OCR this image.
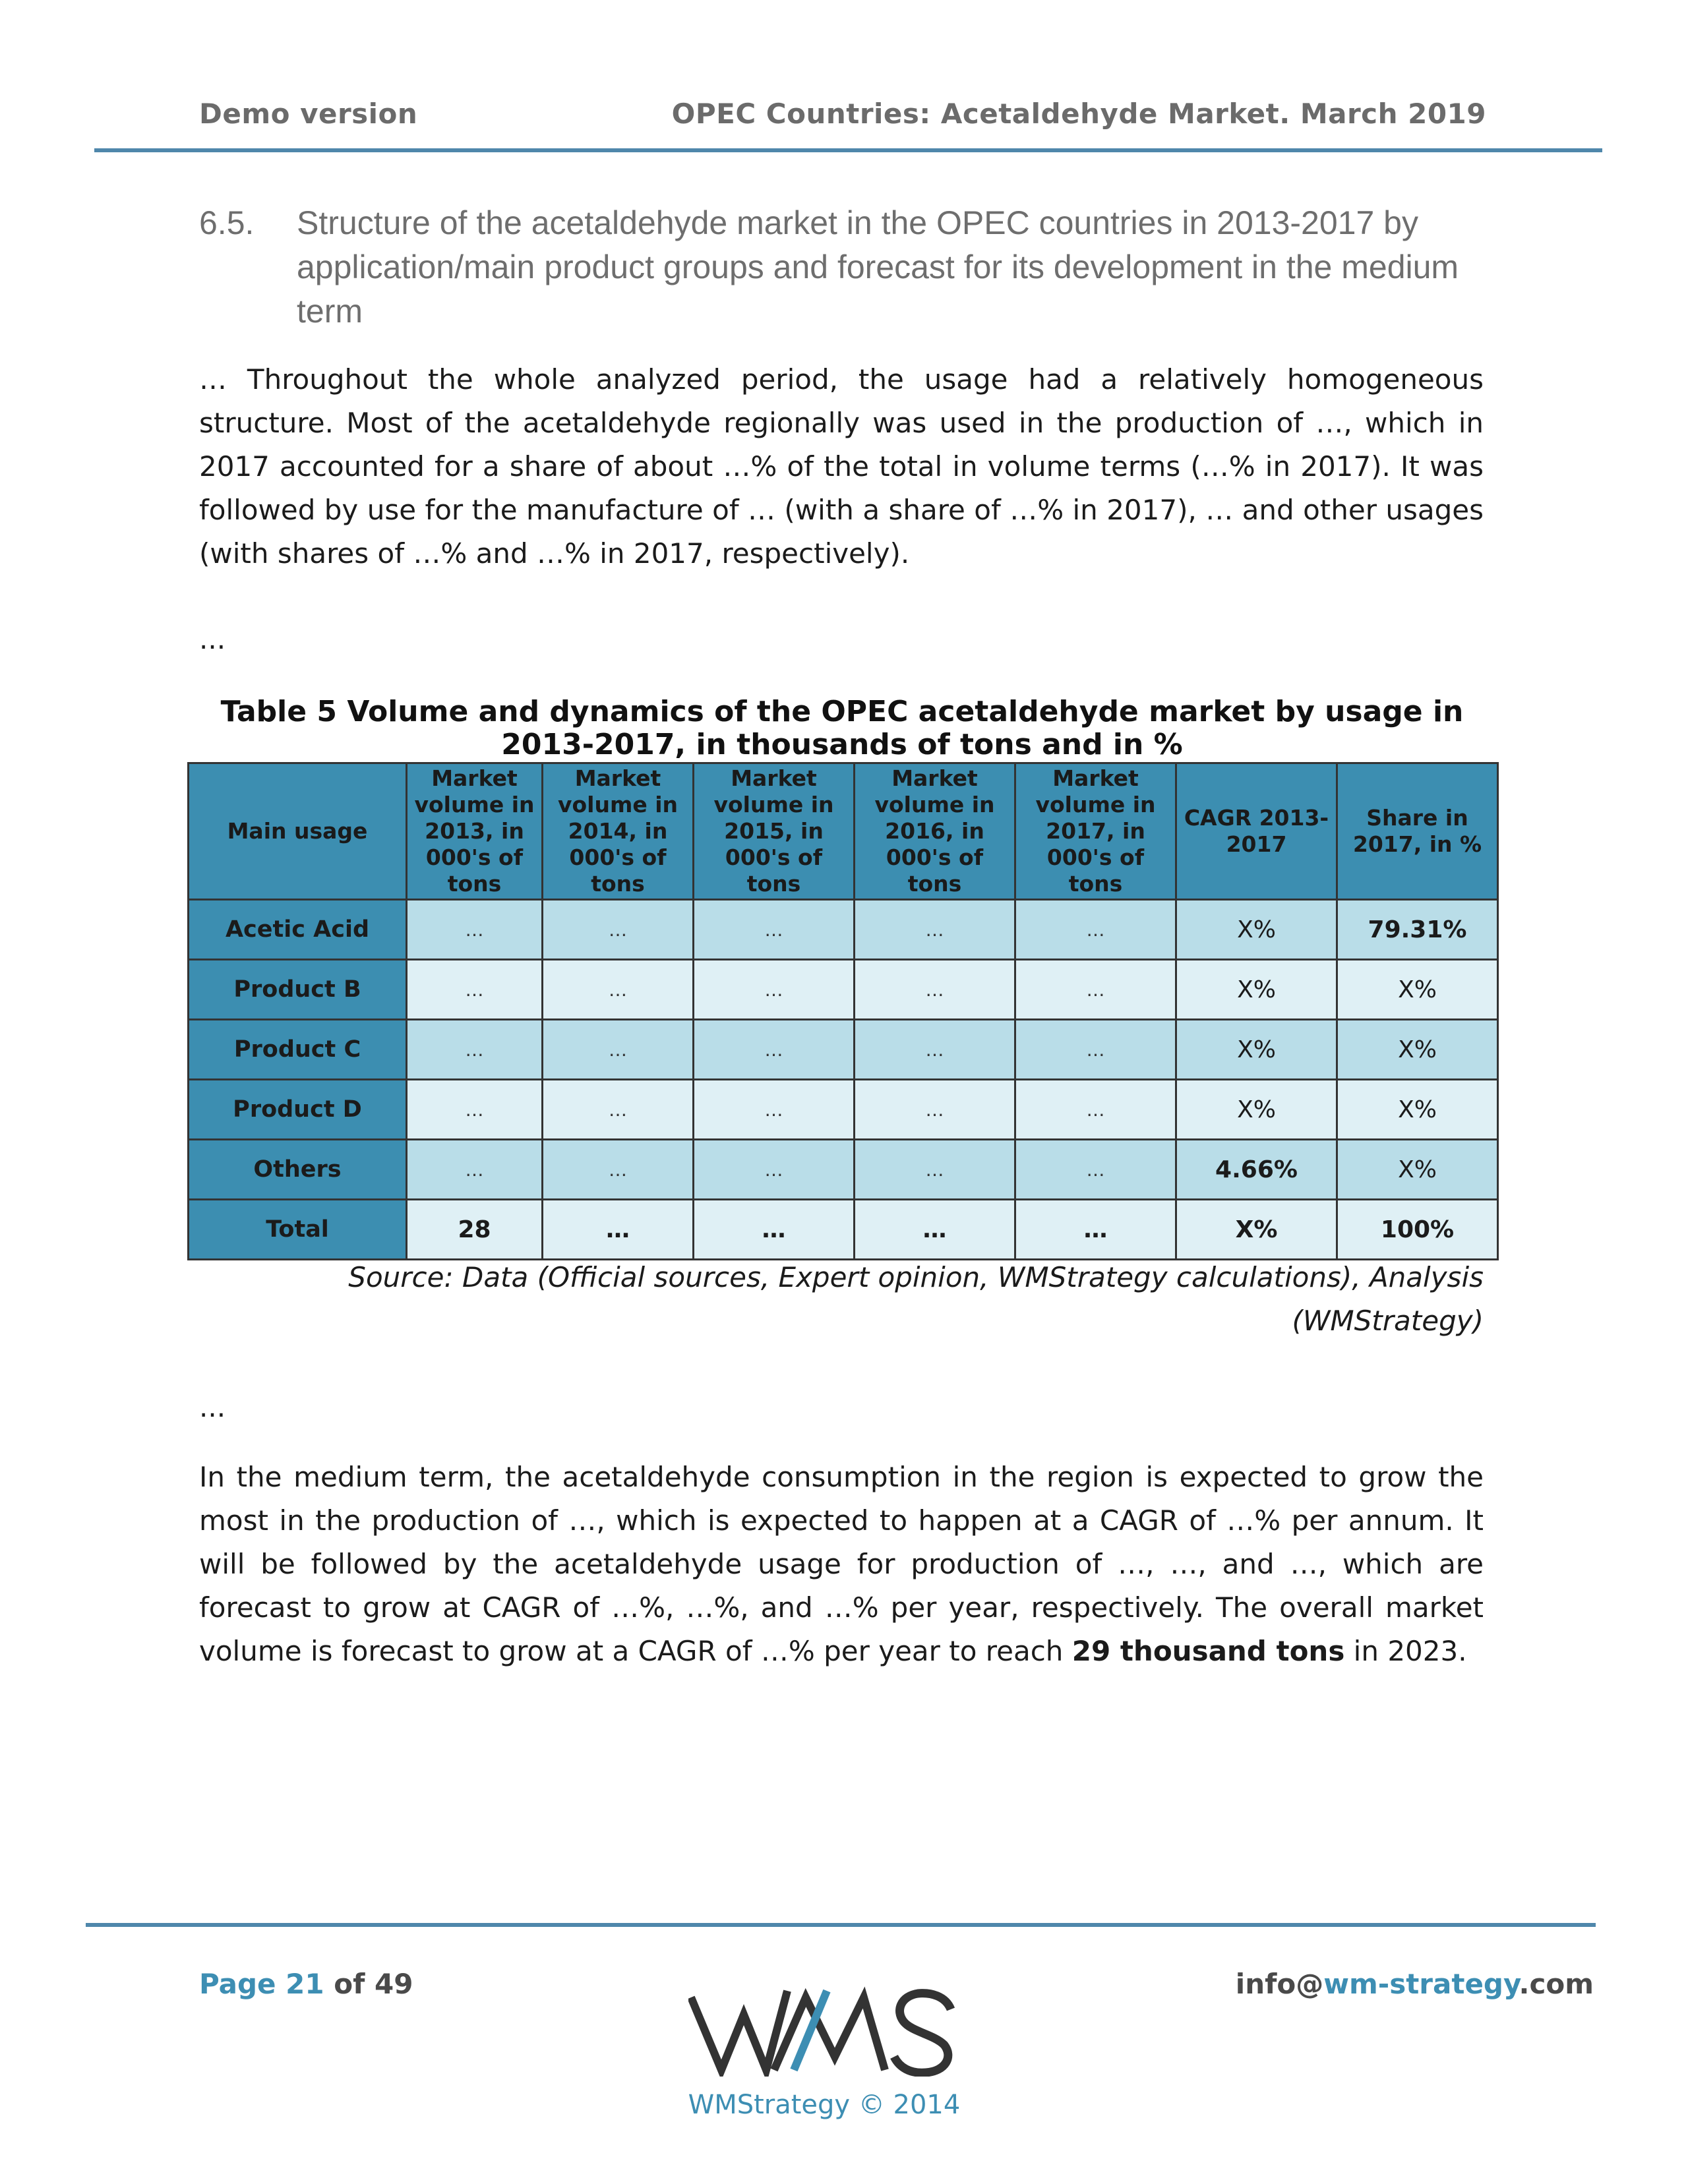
Demo version	OPEC Countries: Acetaldehyde Market. March 2019
6.5. Structure of the acetaldehyde market in the OPEC countries in 2013-2017 by application/main product groups and forecast for its development in the medium term
… Throughout the whole analyzed period, the usage had a relatively homogeneous structure. Most of the acetaldehyde regionally was used in the production of …, which in 2017 accounted for a share of about …% of the total in volume terms (…% in 2017). It was followed by use for the manufacture of … (with a share of …% in 2017), … and other usages (with shares of …% and …% in 2017, respectively).
...
Table 5 Volume and dynamics of the OPEC acetaldehyde market by usage in 2013-2017, in thousands of tons and in %
Main usage	Market volume in 2013, in 000's of tons	Market volume in 2014, in 000's of tons	Market volume in 2015, in 000's of tons	Market volume in 2016, in 000's of tons	Market volume in 2017, in 000's of tons	CAGR 2013-2017	Share in 2017, in %
Acetic Acid	…	…	…	…	…	X%	79.31%
Product B	…	…	…	…	…	X%	X%
Product C	…	…	…	…	…	X%	X%
Product D	…	…	…	…	…	X%	X%
Others	…	…	…	…	…	4.66%	X%
Total	28	…	…	…	…	X%	100%
Source: Data (Official sources, Expert opinion, WMStrategy calculations), Analysis (WMStrategy)
...
In the medium term, the acetaldehyde consumption in the region is expected to grow the most in the production of …, which is expected to happen at a CAGR of …% per annum. It will be followed by the acetaldehyde usage for production of …, …, and …, which are forecast to grow at CAGR of …%, …%, and …% per year, respectively. The overall market volume is forecast to grow at a CAGR of …% per year to reach 29 thousand tons in 2023.
Page 21 of 49	info@wm-strategy.com
WMStrategy © 2014
